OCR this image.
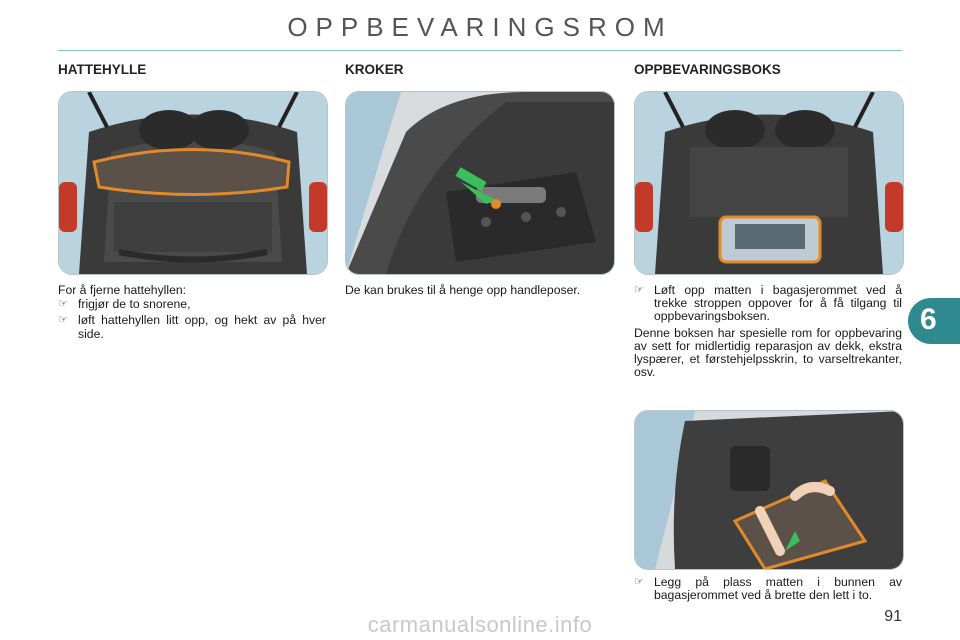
OPPBEVARINGSROM
HATTEHYLLE	KROKER	OPPBEVARINGSBOKS

For å fjerne hattehyllen:

☞ frigjør de to snorene,
☞ løft hattehyllen litt opp, og hekt av på hver side.
De kan brukes til å henge opp handleposer.	☞ Løft opp matten i bagasjerommet ved å trekke stroppen oppover for å få tilgang til oppbevaringsboksen.

Denne boksen har spesielle rom for oppbevaring av sett for midlertidig reparasjon av dekk, ekstra lyspærer, et førstehjelpsskrin, to varseltrekanter, osv.

☞ Legg på plass matten i bunnen av bagasjerommet ved å brette den lett i to.
6
91
carmanualsonline.info
